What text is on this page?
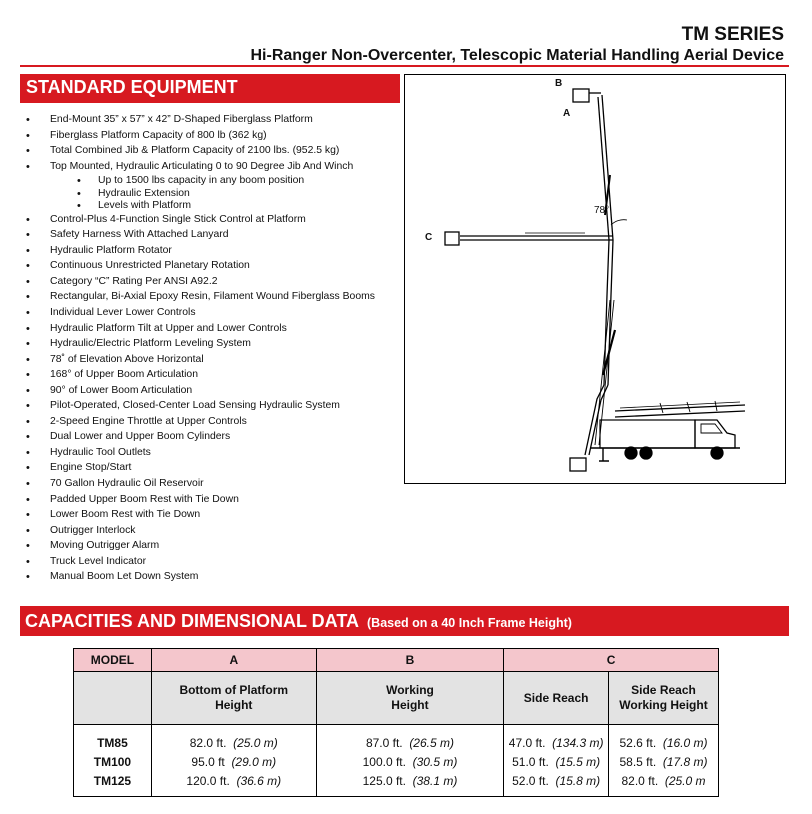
TM SERIES
Hi-Ranger Non-Overcenter, Telescopic Material Handling Aerial Device
STANDARD EQUIPMENT
• End-Mount 35” x 57” x 42” D-Shaped Fiberglass Platform
• Fiberglass Platform Capacity of 800 lb (362 kg)
• Total Combined Jib & Platform Capacity of 2100 lbs. (952.5 kg)
• Top Mounted, Hydraulic Articulating 0 to 90 Degree Jib And Winch
• Up to 1500 lbs capacity in any boom position
• Hydraulic Extension
• Levels with Platform
• Control-Plus 4-Function Single Stick Control at Platform
• Safety Harness With Attached Lanyard
• Hydraulic Platform Rotator
• Continuous Unrestricted Planetary Rotation
• Category “C” Rating Per ANSI A92.2
• Rectangular, Bi-Axial Epoxy Resin, Filament Wound Fiberglass Booms
• Individual Lever Lower Controls
• Hydraulic Platform Tilt at Upper and Lower Controls
• Hydraulic/Electric Platform Leveling System
• 78˚ of Elevation Above Horizontal
• 168° of Upper Boom Articulation
• 90° of Lower Boom Articulation
• Pilot-Operated, Closed-Center Load Sensing Hydraulic System
• 2-Speed Engine Throttle at Upper Controls
• Dual Lower and Upper Boom Cylinders
• Hydraulic Tool Outlets
• Engine Stop/Start
• 70 Gallon Hydraulic Oil Reservoir
• Padded Upper Boom Rest with Tie Down
• Lower Boom Rest with Tie Down
• Outrigger Interlock
• Moving Outrigger Alarm
• Truck Level Indicator
• Manual Boom Let Down System
B
A
C
78°
CAPACITIES AND DIMENSIONAL DATA (Based on a 40 Inch Frame Height)
MODEL	A	B	C	

	Bottom of Platform Height	Working Height	Side Reach	Side Reach Working Height

TM85	82.0 ft. (25.0 m)	87.0 ft. (26.5 m)	47.0 ft. (134.3 m)	52.6 ft. (16.0 m)
TM100	95.0 ft (29.0 m)	100.0 ft. (30.5 m)	51.0 ft. (15.5 m)	58.5 ft. (17.8 m)
TM125	120.0 ft. (36.6 m)	125.0 ft. (38.1 m)	52.0 ft. (15.8 m)	82.0 ft. (25.0 m
